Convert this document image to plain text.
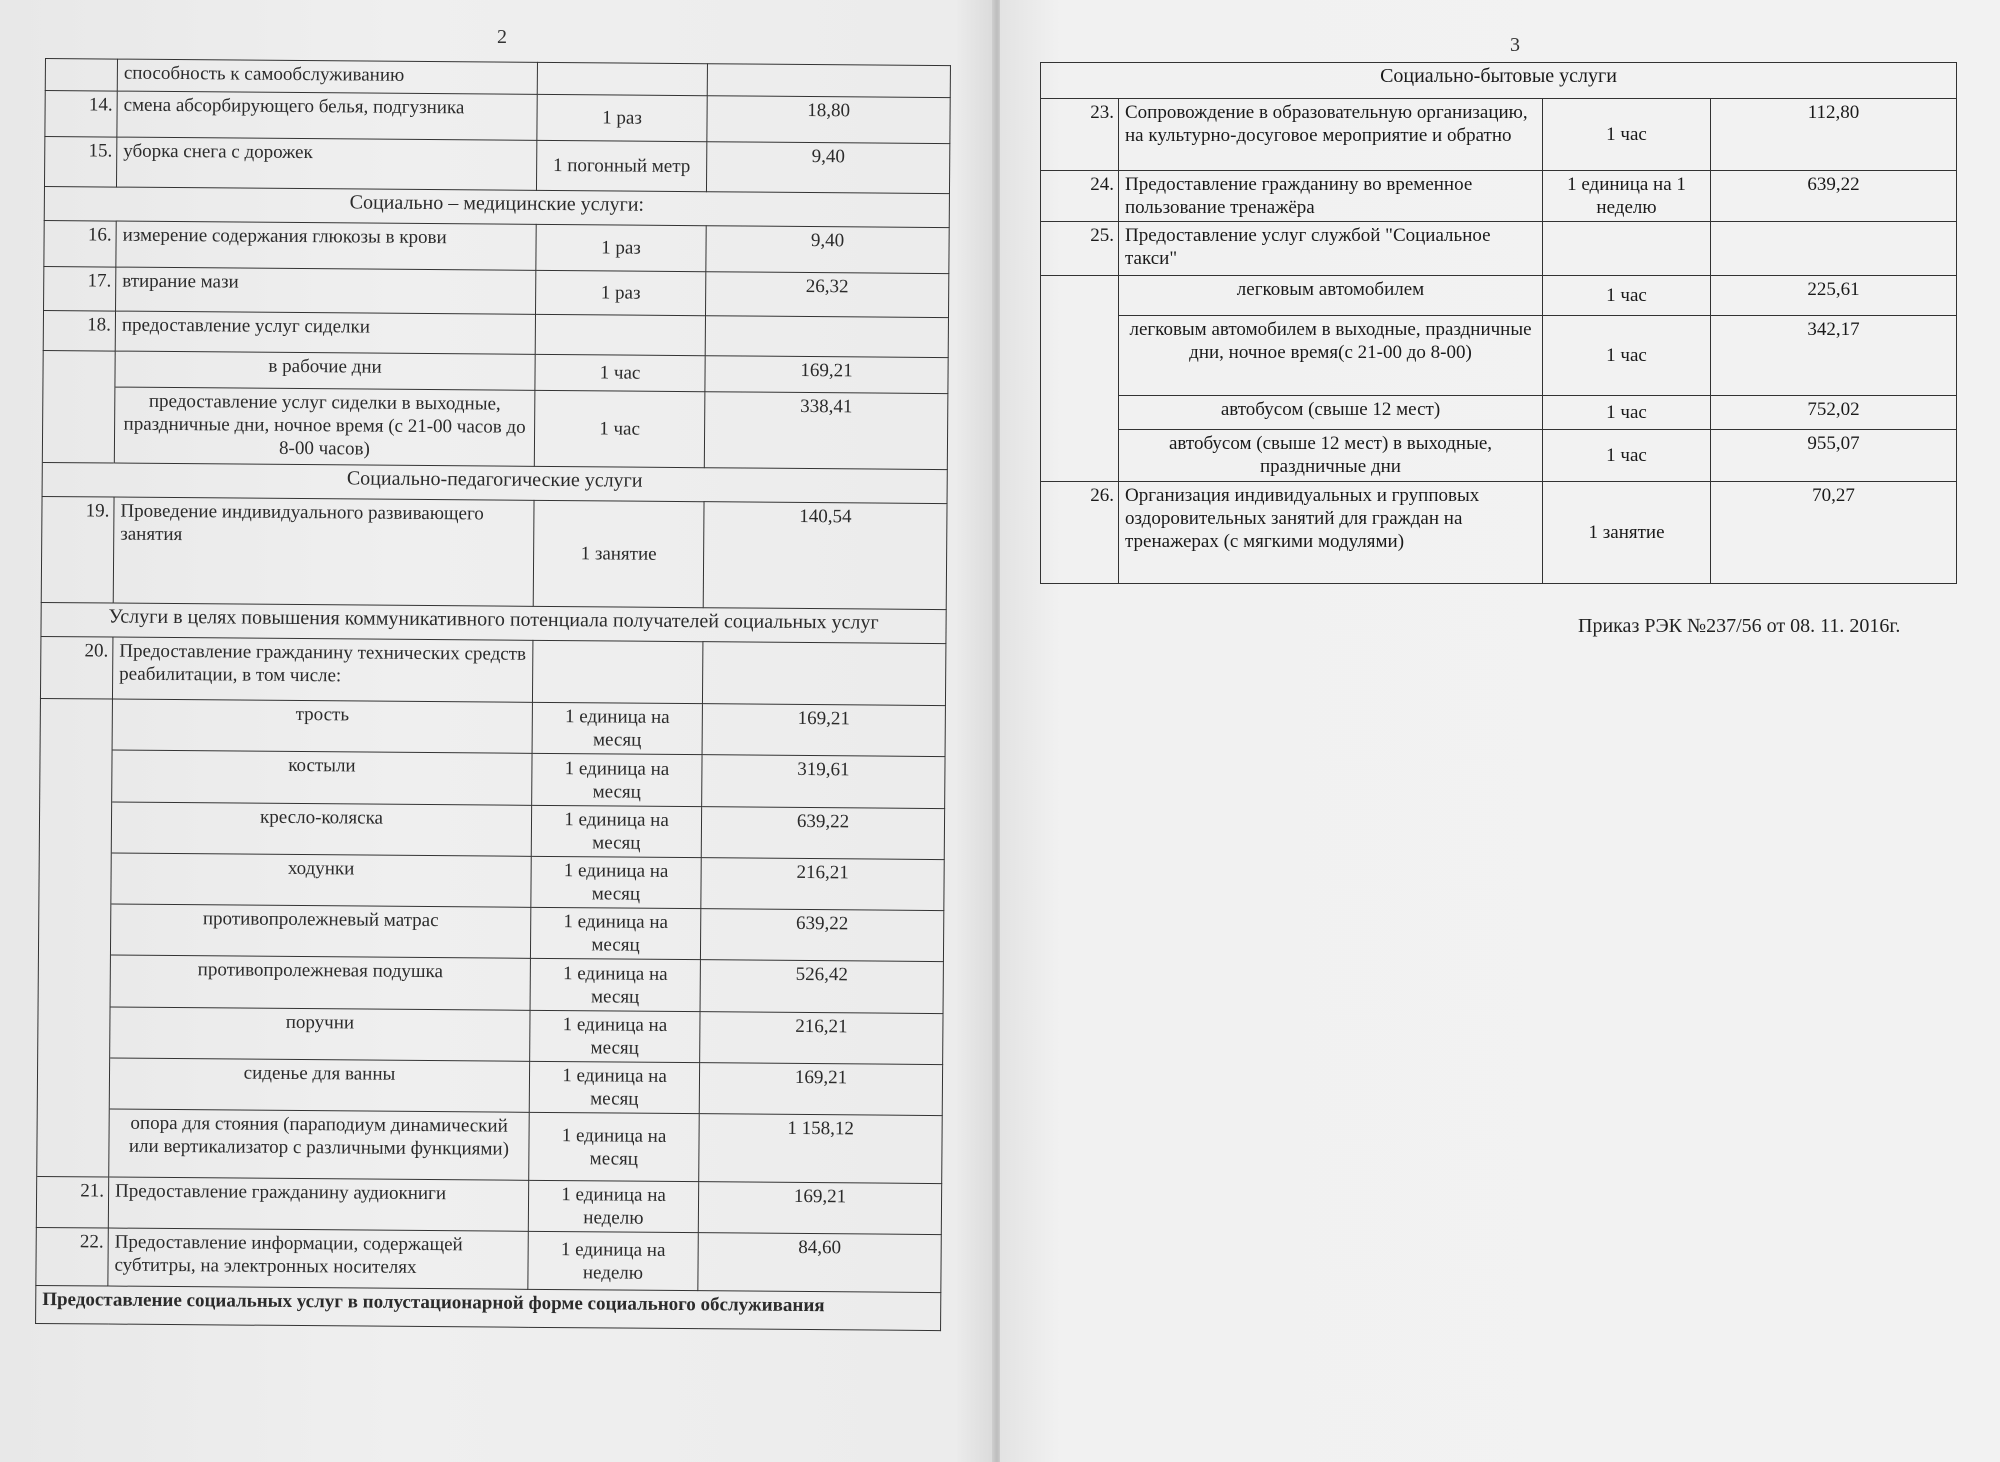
2
	способность к самообслуживанию		
14.	смена абсорбирующего белья, подгузника	1 раз	18,80
15.	уборка снега с дорожек	1 погонный метр	9,40
Социально – медицинские услуги:			
16.	измерение содержания глюкозы в крови	1 раз	9,40
17.	втирание мази	1 раз	26,32
18.	предоставление услуг сиделки		
	в рабочие дни	1 час	169,21
	предоставление услуг сиделки в выходные, праздничные дни, ночное время (с 21-00 часов до 8-00 часов)	1 час	338,41
Социально-педагогические услуги			
19.	Проведение индивидуального развивающего занятия	1 занятие	140,54
Услуги в целях повышения коммуникативного потенциала получателей социальных услуг			
20.	Предоставление гражданину технических средств реабилитации, в том числе:		
	трость	1 единица на месяц	169,21
	костыли	1 единица на месяц	319,61
	кресло-коляска	1 единица на месяц	639,22
	ходунки	1 единица на месяц	216,21
	противопролежневый матрас	1 единица на месяц	639,22
	противопролежневая подушка	1 единица на месяц	526,42
	поручни	1 единица на месяц	216,21
	сиденье для ванны	1 единица на месяц	169,21
	опора для стояния (параподиум динамический или вертикализатор с различными функциями)	1 единица на месяц	1 158,12
21.	Предоставление гражданину аудиокниги	1 единица на неделю	169,21
22.	Предоставление информации, содержащей субтитры, на электронных носителях	1 единица на неделю	84,60
Предоставление социальных услуг в полустационарной форме социального обслуживания			
3
Социально-бытовые услуги			
23.	Сопровождение в образовательную организацию, на культурно-досуговое мероприятие и обратно	1 час	112,80
24.	Предоставление гражданину во временное пользование тренажёра	1 единица на 1 неделю	639,22
25.	Предоставление услуг службой "Социальное такси"		
	легковым автомобилем	1 час	225,61
	легковым автомобилем в выходные, праздничные дни, ночное время(с 21-00 до 8-00)	1 час	342,17
	автобусом (свыше 12 мест)	1 час	752,02
	автобусом (свыше 12 мест) в выходные, праздничные дни	1 час	955,07
26.	Организация индивидуальных и групповых оздоровительных занятий для граждан на тренажерах (с мягкими модулями)	1 занятие	70,27
Приказ РЭК №237/56 от 08. 11. 2016г.
